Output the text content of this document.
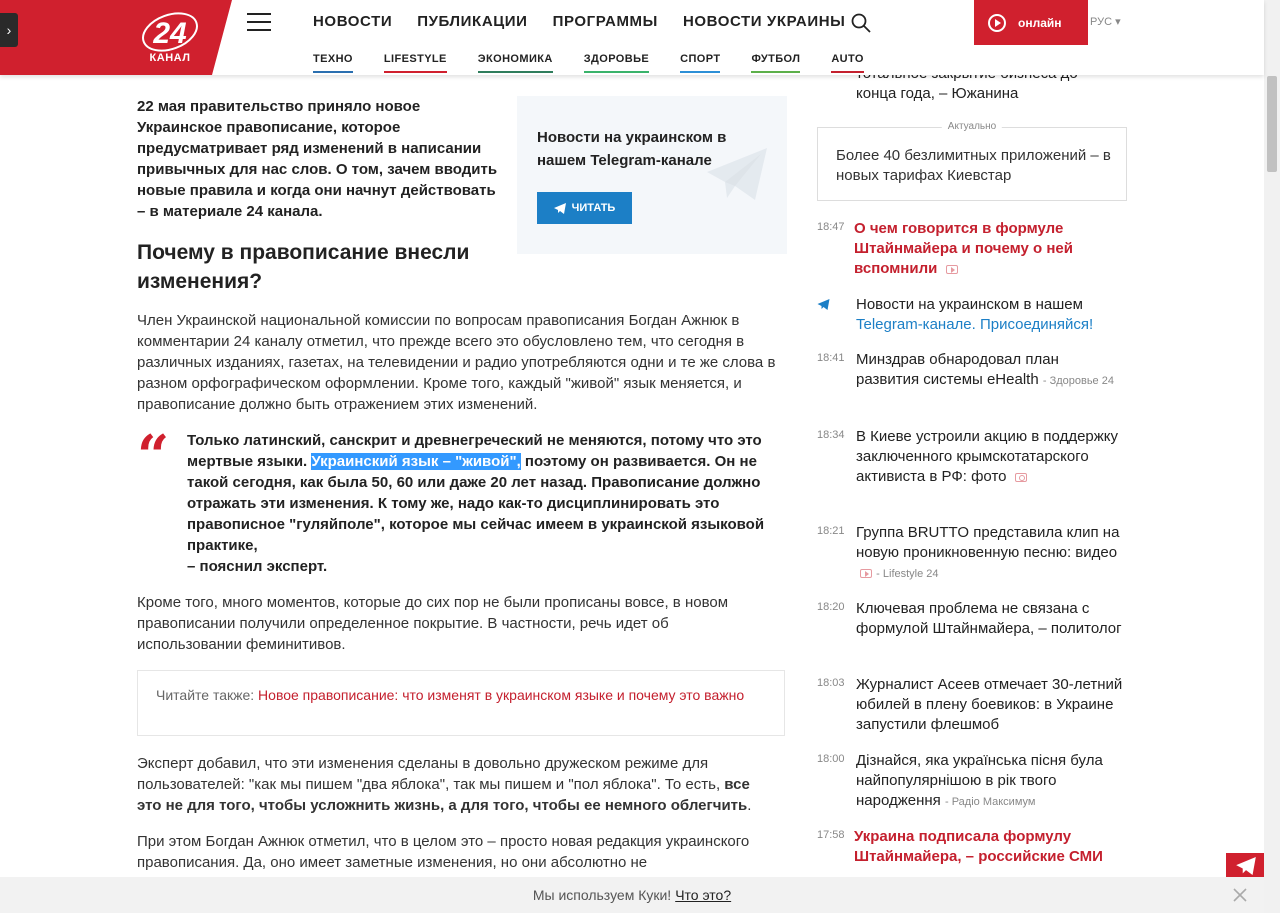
›	24
КАНАЛ
НОВОСТИ ПУБЛИКАЦИИ ПРОГРАММЫ НОВОСТИ УКРАИНЫ	онлайн	РУС ▾
ТЕХНО	LIFESTYLE	ЭКОНОМИКА	ЗДОРОВЬЕ	СПОРТ	ФУТБОЛ	AUTO
22 мая правительство приняло новое Украинское правописание, которое предусматривает ряд изменений в написании привычных для нас слов. О том, зачем вводить новые правила и когда они начнут действовать – в материале 24 канала.
Новости на украинском в нашем Telegram-канале
ЧИТАТЬ
Почему в правописание внесли изменения?

Член Украинской национальной комиссии по вопросам правописания Богдан Ажнюк в комментарии 24 каналу отметил, что прежде всего это обусловлено тем, что сегодня в различных изданиях, газетах, на телевидении и радио употребляются одни и те же слова в разном орфографическом оформлении. Кроме того, каждый "живой" язык меняется, и правописание должно быть отражением этих изменений.

“ Только латинский, санскрит и древнегреческий не меняются, потому что это мертвые языки. Украинский язык – "живой", поэтому он развивается. Он не такой сегодня, как была 50, 60 или даже 20 лет назад. Правописание должно отражать эти изменения. К тому же, надо как-то дисциплинировать это правописное "гуляйполе", которое мы сейчас имеем в украинской языковой практике,
– пояснил эксперт.

Кроме того, много моментов, которые до сих пор не были прописаны вовсе, в новом правописании получили определенное покрытие. В частности, речь идет об использовании феминитивов.

Читайте также: Новое правописание: что изменят в украинском языке и почему это важно

Эксперт добавил, что эти изменения сделаны в довольно дружеском режиме для пользователей: "как мы пишем "два яблока", так мы пишем и "пол яблока". То есть, все это не для того, чтобы усложнить жизнь, а для того, чтобы ее немного облегчить.

При этом Богдан Ажнюк отметил, что в целом это – просто новая редакция украинского правописания. Да, оно имеет заметные изменения, но они абсолютно не

конца года, – Южанина
Актуально
Более 40 безлимитных приложений – в новых тарифах Киевстар
18:47 О чем говорится в формуле Штайнмайера и почему о ней вспомнили
Новости на украинском в нашем Telegram-канале. Присоединяйся!
18:41 Минздрав обнародовал план развития системы eHealth - Здоровье 24
18:34 В Киеве устроили акцию в поддержку заключенного крымскотатарского активиста в РФ: фото
18:21 Группа BRUTTO представила клип на новую проникновенную песню: видео  - Lifestyle 24
18:20 Ключевая проблема не связана с формулой Штайнмайера, – политолог
18:03 Журналист Асеев отмечает 30-летний юбилей в плену боевиков: в Украине запустили флешмоб
18:00 Дізнайся, яка українська пісня була найпопулярнішою в рік твого народження - Радіо Максимум
17:58 Украина подписала формулу Штайнмайера, – российские СМИ
Мы используем Куки! Что это?
